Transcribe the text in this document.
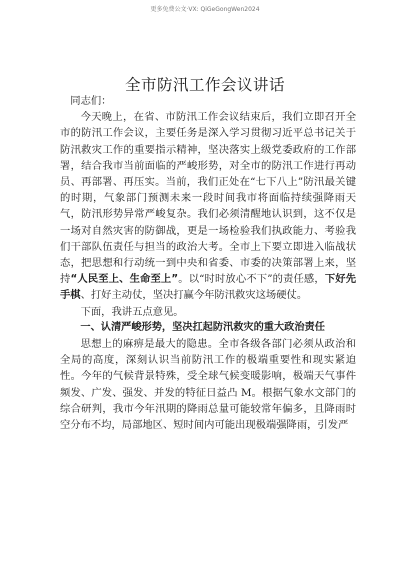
更多免费公文·VX: QiGeGongWen2024
全市防汛工作会议讲话

同志们：

今天晚上，在省、市防汛工作会议结束后，我们立即召开全市的防汛工作会议，主要任务是深入学习贯彻习近平总书记关于防汛救灾工作的重要指示精神，坚决落实上级党委政府的工作部署，结合我市当前面临的严峻形势，对全市的防汛工作进行再动员、再部署、再压实。当前，我们正处在“七下八上”防汛最关键的时期，气象部门预测未来一段时间我市将面临持续强降雨天气，防汛形势异常严峻复杂。我们必须清醒地认识到，这不仅是一场对自然灾害的防御战，更是一场检验我们执政能力、考验我们干部队伍责任与担当的政治大考。全市上下要立即进入临战状态，把思想和行动统一到中央和省委、市委的决策部署上来，坚持“人民至上、生命至上”。以“时时放心不下”的责任感，下好先手棋、打好主动仗，坚决打赢今年防汛救灾这场硬仗。

下面，我讲五点意见。

一、认清严峻形势，坚决扛起防汛救灾的重大政治责任

思想上的麻痹是最大的隐患。全市各级各部门必须从政治和全局的高度，深刻认识当前防汛工作的极端重要性和现实紧迫性。今年的气候背景特殊，受全球气候变暖影响，极端天气事件频发、广发、强发、并发的特征日益凸 M。根据气象水文部门的综合研判，我市今年汛期的降雨总量可能较常年偏多，且降雨时空分布不均，局部地区、短时间内可能出现极端强降雨，引发严
